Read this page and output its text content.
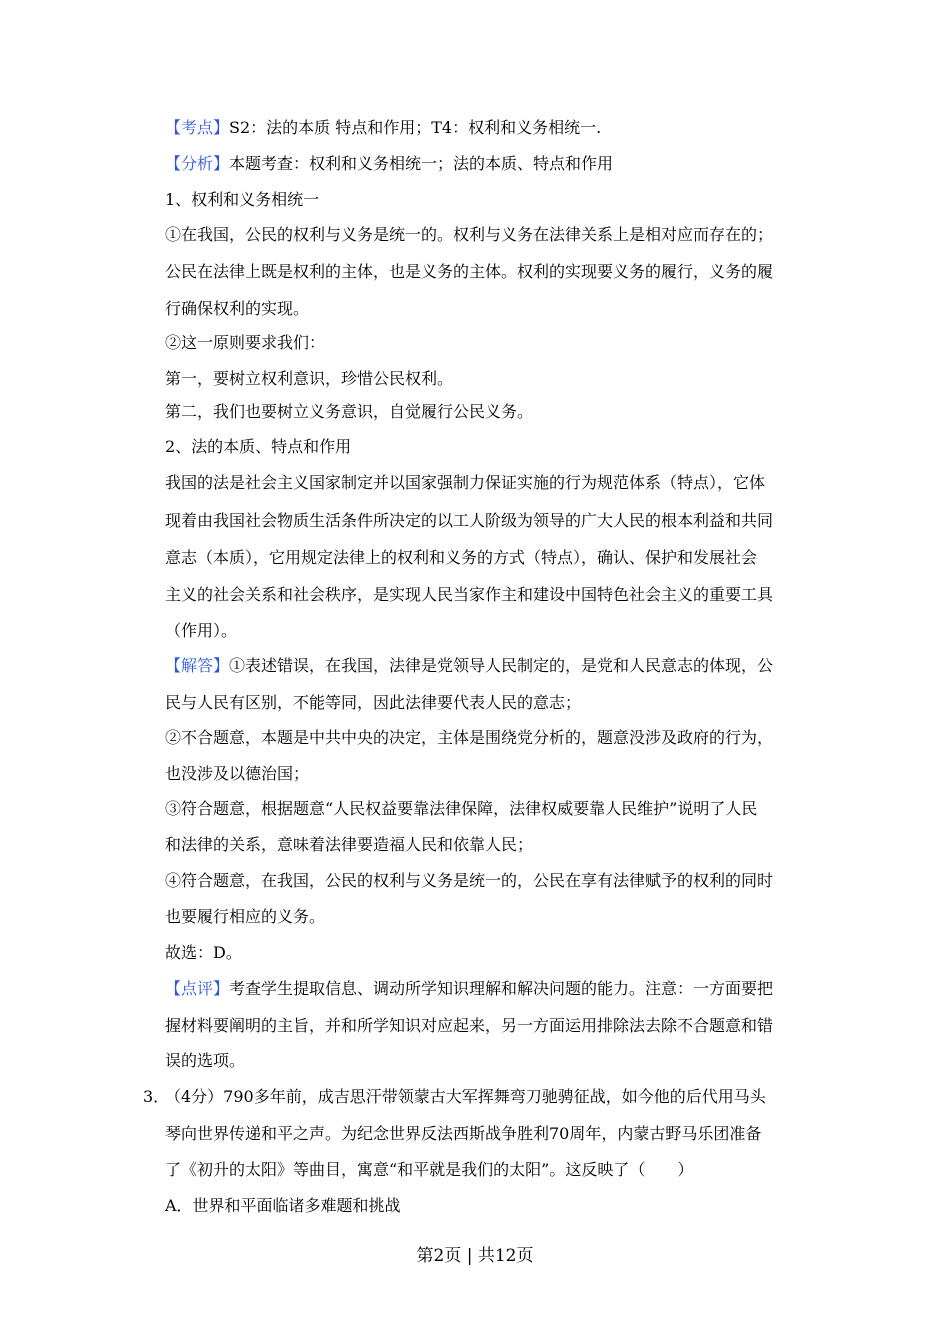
【考点】S2：法的本质 特点和作用；T4：权利和义务相统一.
【分析】本题考查：权利和义务相统一；法的本质、特点和作用
1、权利和义务相统一
①在我国，公民的权利与义务是统一的。权利与义务在法律关系上是相对应而存在的；
公民在法律上既是权利的主体，也是义务的主体。权利的实现要义务的履行，义务的履
行确保权利的实现。
②这一原则要求我们：
第一，要树立权利意识，珍惜公民权利。
第二，我们也要树立义务意识，自觉履行公民义务。
2、法的本质、特点和作用
我国的法是社会主义国家制定并以国家强制力保证实施的行为规范体系（特点），它体
现着由我国社会物质生活条件所决定的以工人阶级为领导的广大人民的根本利益和共同
意志（本质），它用规定法律上的权利和义务的方式（特点），确认、保护和发展社会
主义的社会关系和社会秩序，是实现人民当家作主和建设中国特色社会主义的重要工具
（作用）。
【解答】①表述错误，在我国，法律是党领导人民制定的，是党和人民意志的体现，公
民与人民有区别，不能等同，因此法律要代表人民的意志；
②不合题意，本题是中共中央的决定，主体是围绕党分析的，题意没涉及政府的行为，
也没涉及以德治国；
③符合题意，根据题意“人民权益要靠法律保障，法律权威要靠人民维护”说明了人民
和法律的关系，意味着法律要造福人民和依靠人民；
④符合题意，在我国，公民的权利与义务是统一的，公民在享有法律赋予的权利的同时
也要履行相应的义务。
故选：D。
【点评】考查学生提取信息、调动所学知识理解和解决问题的能力。注意：一方面要把
握材料要阐明的主旨，并和所学知识对应起来，另一方面运用排除法去除不合题意和错
误的选项。
3．
（4分）790多年前，成吉思汗带领蒙古大军挥舞弯刀驰骋征战，如今他的后代用马头
琴向世界传递和平之声。为纪念世界反法西斯战争胜利70周年，内蒙古野马乐团准备
了《初升的太阳》等曲目，寓意“和平就是我们的太阳”。这反映了（　　）
A．世界和平面临诸多难题和挑战
第2页 | 共12页
